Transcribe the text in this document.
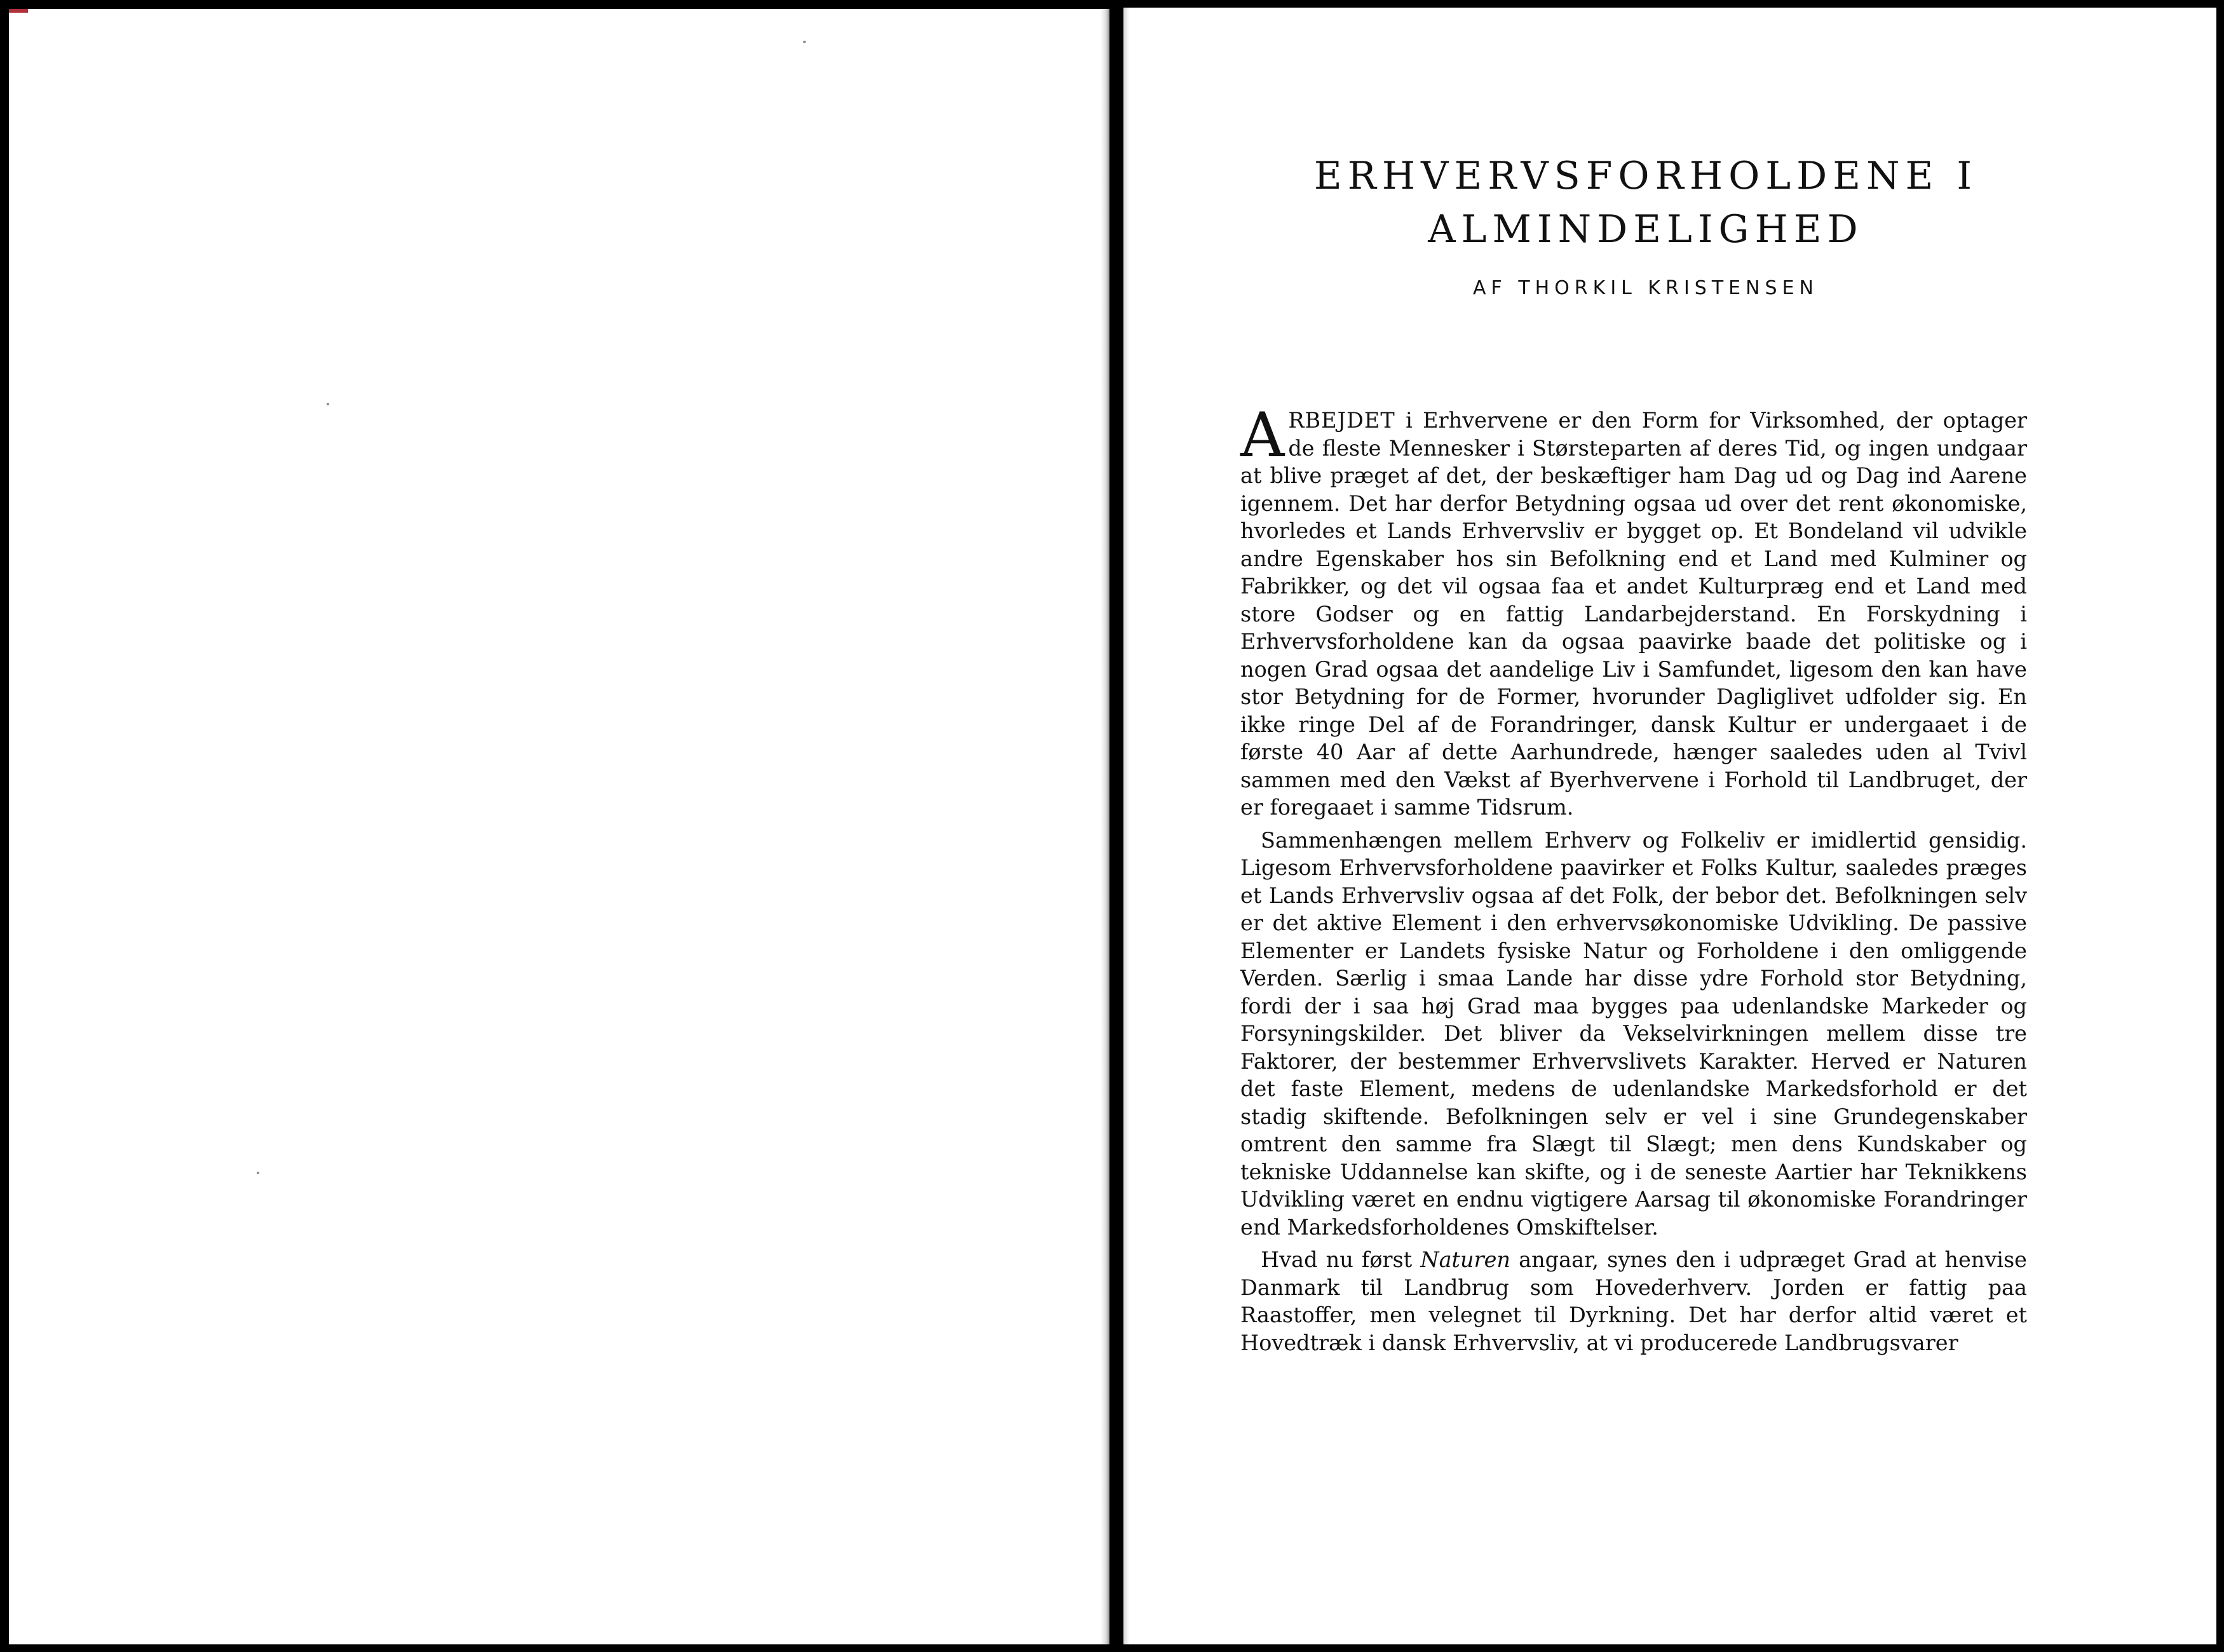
ERHVERVSFORHOLDENE I
ALMINDELIGHED
AF THORKIL KRISTENSEN

ARBEJDET i Erhvervene er den Form for Virksomhed, der optager de fleste Mennesker i Størsteparten af deres Tid, og ingen undgaar at blive præget af det, der beskæftiger ham Dag ud og Dag ind Aarene igennem. Det har derfor Betydning ogsaa ud over det rent økonomiske, hvorledes et Lands Erhvervsliv er bygget op. Et Bondeland vil udvikle andre Egenskaber hos sin Befolkning end et Land med Kulminer og Fabrikker, og det vil ogsaa faa et andet Kulturpræg end et Land med store Godser og en fattig Landarbejderstand. En Forskydning i Erhvervsforholdene kan da ogsaa paavirke baade det politiske og i nogen Grad ogsaa det aandelige Liv i Samfundet, ligesom den kan have stor Betydning for de Former, hvorunder Dagliglivet udfolder sig. En ikke ringe Del af de Forandringer, dansk Kultur er undergaaet i de første 40 Aar af dette Aarhundrede, hænger saaledes uden al Tvivl sammen med den Vækst af Byerhvervene i Forhold til Landbruget, der er foregaaet i samme Tidsrum.

Sammenhængen mellem Erhverv og Folkeliv er imidlertid gensidig. Ligesom Erhvervsforholdene paavirker et Folks Kultur, saaledes præges et Lands Erhvervsliv ogsaa af det Folk, der bebor det. Befolkningen selv er det aktive Element i den erhvervsøkonomiske Udvikling. De passive Elementer er Landets fysiske Natur og Forholdene i den omliggende Verden. Særlig i smaa Lande har disse ydre Forhold stor Betydning, fordi der i saa høj Grad maa bygges paa udenlandske Markeder og Forsyningskilder. Det bliver da Vekselvirkningen mellem disse tre Faktorer, der bestemmer Erhvervslivets Karakter. Herved er Naturen det faste Element, medens de udenlandske Markedsforhold er det stadig skiftende. Befolkningen selv er vel i sine Grundegenskaber omtrent den samme fra Slægt til Slægt; men dens Kundskaber og tekniske Uddannelse kan skifte, og i de seneste Aartier har Teknikkens Udvikling været en endnu vigtigere Aarsag til økonomiske Forandringer end Markedsforholdenes Omskiftelser.

Hvad nu først Naturen angaar, synes den i udpræget Grad at henvise Danmark til Landbrug som Hovederhverv. Jorden er fattig paa Raastoffer, men velegnet til Dyrkning. Det har derfor altid været et Hovedtræk i dansk Erhvervsliv, at vi producerede Landbrugsvarer
